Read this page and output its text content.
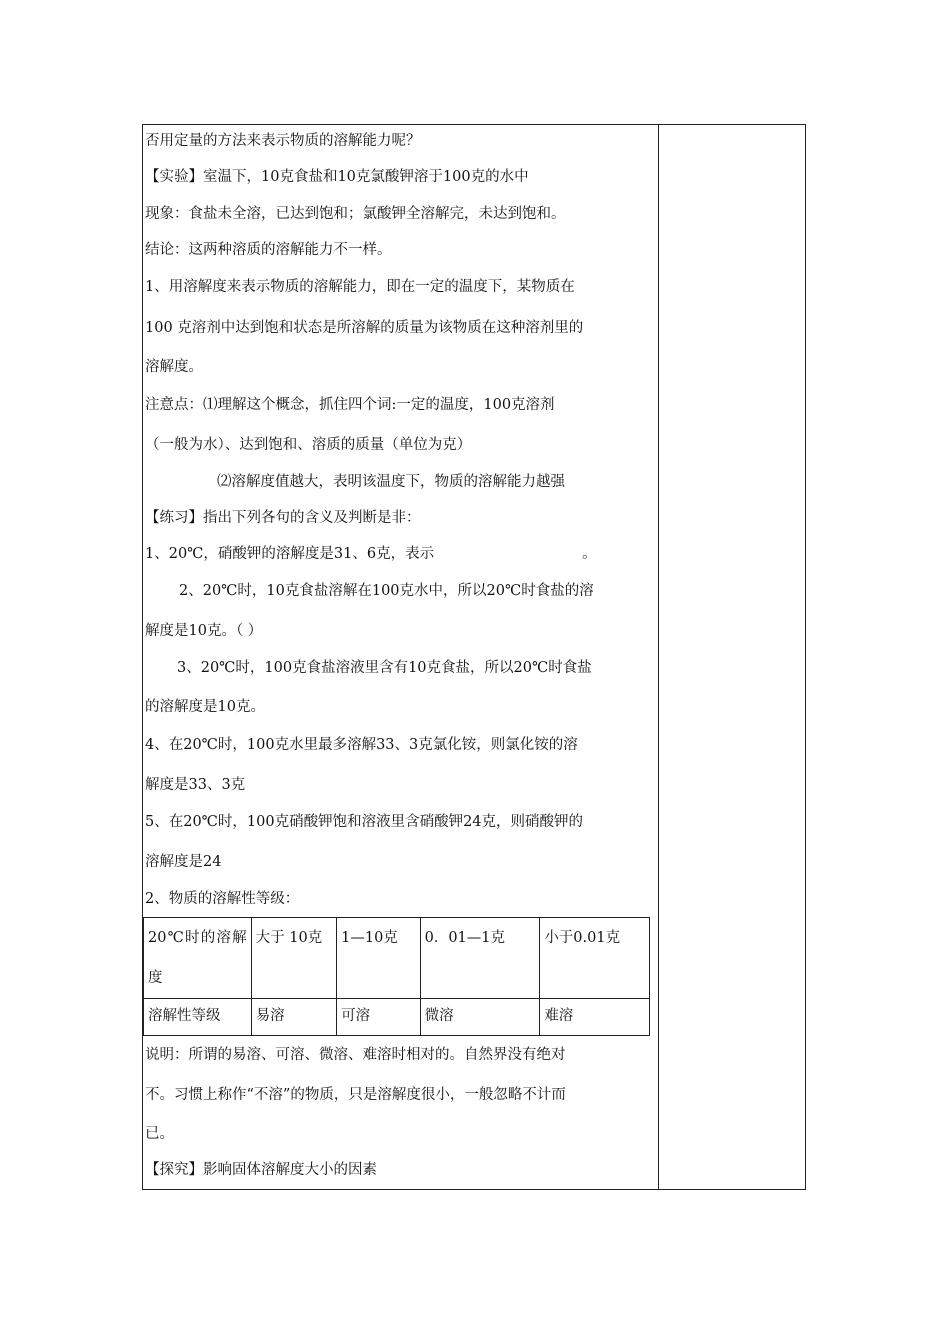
否用定量的方法来表示物质的溶解能力呢？
【实验】室温下，10克食盐和10克氯酸钾溶于100克的水中
现象：食盐未全溶，已达到饱和；氯酸钾全溶解完，未达到饱和。
结论：这两种溶质的溶解能力不一样。
1、用溶解度来表示物质的溶解能力，即在一定的温度下，某物质在
100 克溶剂中达到饱和状态是所溶解的质量为该物质在这种溶剂里的
溶解度。
注意点：⑴理解这个概念，抓住四个词:一定的温度，100克溶剂
（一般为水）、达到饱和、溶质的质量（单位为克）
⑵溶解度值越大，表明该温度下，物质的溶解能力越强
【练习】指出下列各句的含义及判断是非：
1、20℃，硝酸钾的溶解度是31、6克，表示	。
2、20℃时，10克食盐溶解在100克水中，所以20℃时食盐的溶
解度是10克。（ ）
3、20℃时，100克食盐溶液里含有10克食盐，所以20℃时食盐
的溶解度是10克。
4、在20℃时，100克水里最多溶解33、3克氯化铵，则氯化铵的溶
解度是33、3克
5、在20℃时，100克硝酸钾饱和溶液里含硝酸钾24克，则硝酸钾的
溶解度是24
2、物质的溶解性等级：
20℃时的溶解度	大于 10克	1—10克	0．01—1克	小于0.01克
溶解性等级	易溶	可溶	微溶	难溶
说明：所谓的易溶、可溶、微溶、难溶时相对的。自然界没有绝对
不。习惯上称作“不溶”的物质，只是溶解度很小，一般忽略不计而
已。
【探究】影响固体溶解度大小的因素
